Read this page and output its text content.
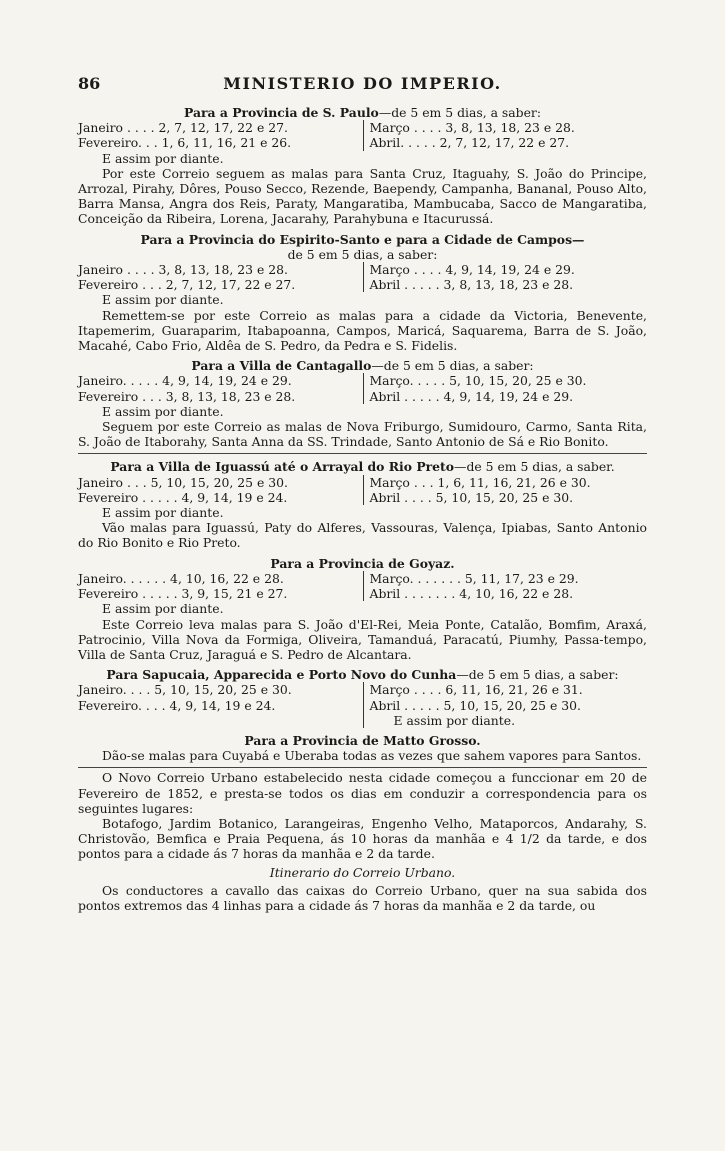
86	MINISTERIO DO IMPERIO.
Para a Provincia de S. Paulo—de 5 em 5 dias, a saber:
Janeiro . . . . 2, 7, 12, 17, 22 e 27.
Fevereiro. . . 1, 6, 11, 16, 21 e 26.
Março . . . . 3, 8, 13, 18, 23 e 28.
Abril. . . . . 2, 7, 12, 17, 22 e 27.
E assim por diante.
Por este Correio seguem as malas para Santa Cruz, Itaguahy, S. João do Principe, Arrozal, Pirahy, Dôres, Pouso Secco, Rezende, Baependy, Campanha, Bananal, Pouso Alto, Barra Mansa, Angra dos Reis, Paraty, Mangaratiba, Mambucaba, Sacco de Mangaratiba, Conceição da Ribeira, Lorena, Jacarahy, Parahybuna e Itacurussá.
Para a Provincia do Espirito-Santo e para a Cidade de Campos—
de 5 em 5 dias, a saber:
Janeiro . . . . 3, 8, 13, 18, 23 e 28.
Fevereiro . . . 2, 7, 12, 17, 22 e 27.
Março . . . . 4, 9, 14, 19, 24 e 29.
Abril . . . . . 3, 8, 13, 18, 23 e 28.
E assim por diante.
Remettem-se por este Correio as malas para a cidade da Victoria, Benevente, Itapemerim, Guaraparim, Itabapoanna, Campos, Maricá, Saquarema, Barra de S. João, Macahé, Cabo Frio, Aldêa de S. Pedro, da Pedra e S. Fidelis.
Para a Villa de Cantagallo—de 5 em 5 dias, a saber:
Janeiro. . . . . 4, 9, 14, 19, 24 e 29.
Fevereiro . . . 3, 8, 13, 18, 23 e 28.
Março. . . . . 5, 10, 15, 20, 25 e 30.
Abril . . . . . 4, 9, 14, 19, 24 e 29.
E assim por diante.
Seguem por este Correio as malas de Nova Friburgo, Sumidouro, Carmo, Santa Rita, S. João de Itaborahy, Santa Anna da SS. Trindade, Santo Antonio de Sá e Rio Bonito.
Para a Villa de Iguassú até o Arrayal do Rio Preto—de 5 em 5 dias, a saber.
Janeiro . . . 5, 10, 15, 20, 25 e 30.
Fevereiro . . . . . 4, 9, 14, 19 e 24.
Março . . . 1, 6, 11, 16, 21, 26 e 30.
Abril . . . . 5, 10, 15, 20, 25 e 30.
E assim por diante.
Vão malas para Iguassú, Paty do Alferes, Vassouras, Valença, Ipiabas, Santo Antonio do Rio Bonito e Rio Preto.
Para a Provincia de Goyaz.
Janeiro. . . . . . 4, 10, 16, 22 e 28.
Fevereiro . . . . . 3, 9, 15, 21 e 27.
Março. . . . . . . 5, 11, 17, 23 e 29.
Abril . . . . . . . 4, 10, 16, 22 e 28.
E assim por diante.
Este Correio leva malas para S. João d'El-Rei, Meia Ponte, Catalão, Bomfim, Araxá, Patrocinio, Villa Nova da Formiga, Oliveira, Tamanduá, Paracatú, Piumhy, Passa-tempo, Villa de Santa Cruz, Jaraguá e S. Pedro de Alcantara.
Para Sapucaia, Apparecida e Porto Novo do Cunha—de 5 em 5 dias, a saber:
Janeiro. . . . 5, 10, 15, 20, 25 e 30.
Fevereiro. . . . 4, 9, 14, 19 e 24.
Março . . . . 6, 11, 16, 21, 26 e 31.
Abril . . . . . 5, 10, 15, 20, 25 e 30.
E assim por diante.
Para a Provincia de Matto Grosso.
Dão-se malas para Cuyabá e Uberaba todas as vezes que sahem vapores para Santos.
O Novo Correio Urbano estabelecido nesta cidade começou a funccionar em 20 de Fevereiro de 1852, e presta-se todos os dias em conduzir a correspondencia para os seguintes lugares:
Botafogo, Jardim Botanico, Larangeiras, Engenho Velho, Mataporcos, Andarahy, S. Christovão, Bemfica e Praia Pequena, ás 10 horas da manhãa e 4 1/2 da tarde, e dos pontos para a cidade ás 7 horas da manhãa e 2 da tarde.
Itinerario do Correio Urbano.
Os conductores a cavallo das caixas do Correio Urbano, quer na sua sabida dos pontos extremos das 4 linhas para a cidade ás 7 horas da manhãa e 2 da tarde, ou
